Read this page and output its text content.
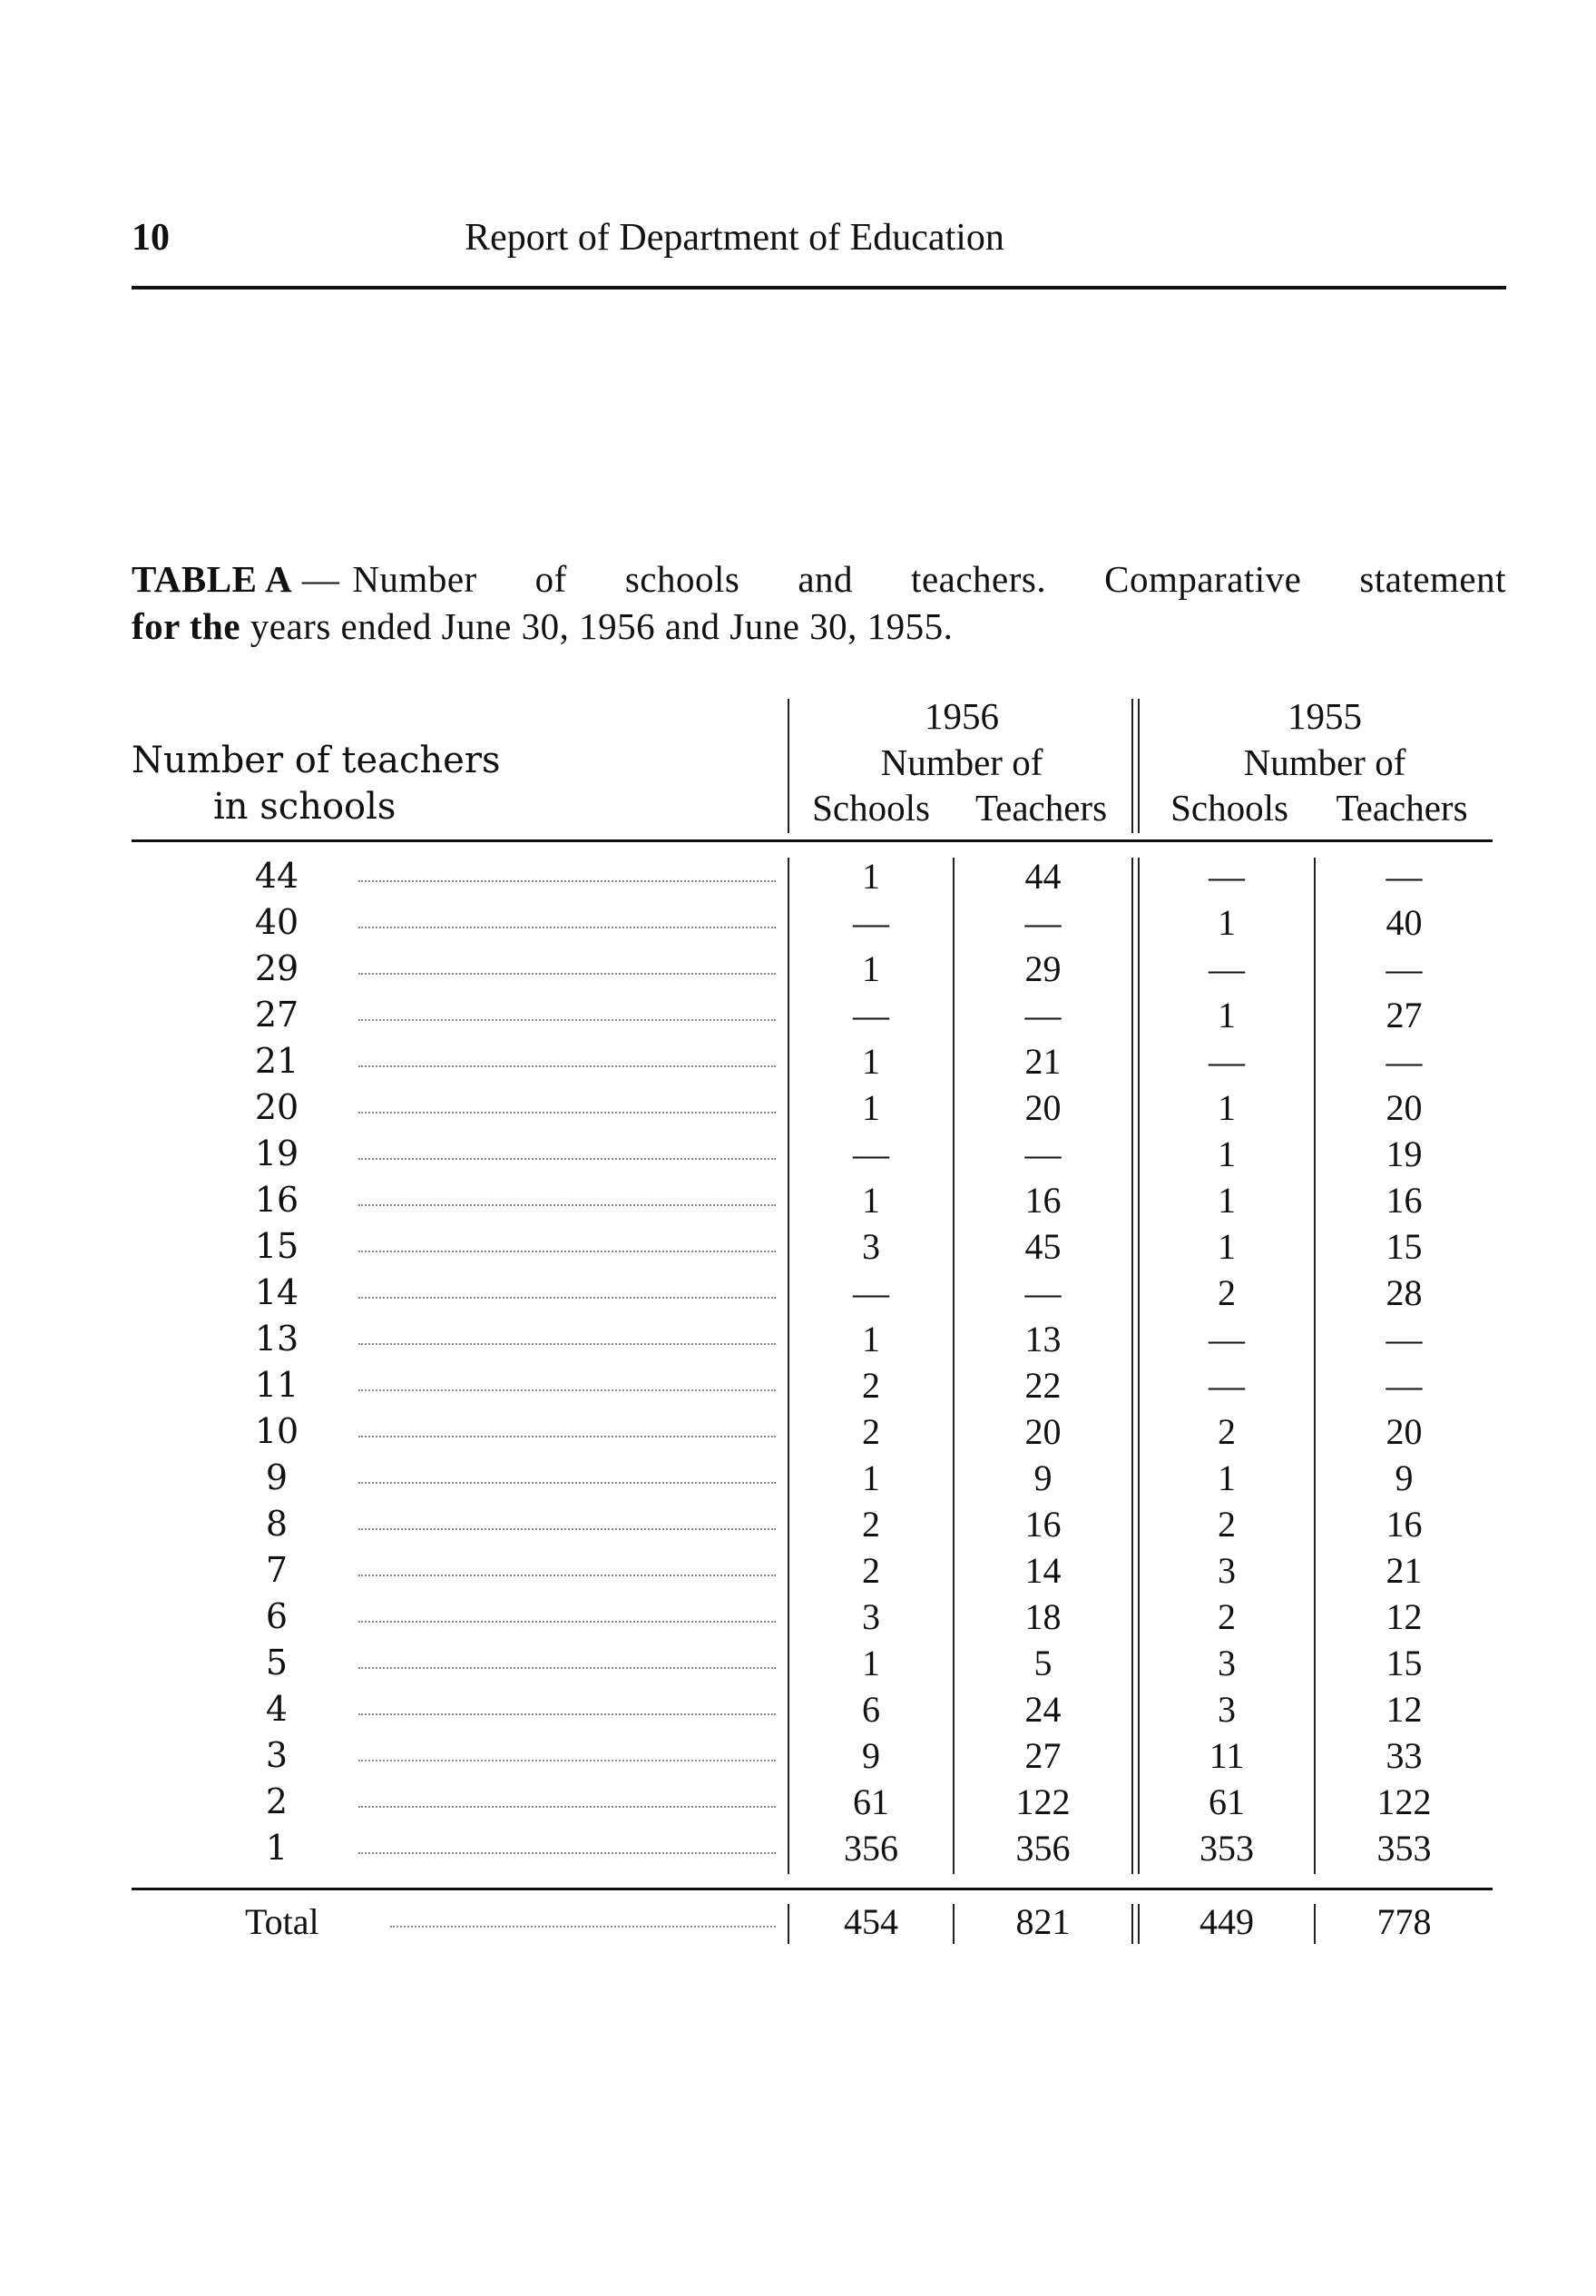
10	Report of Department of Education
TABLE A — Number of schools and teachers. Comparative statement
for the years ended June 30, 1956 and June 30, 1955.
Number of teachers
in schools
1956	1955
Number of	Number of
Schools	Teachers	Schools	Teachers
44	1	44	—	—
40	—	—	1	40
29	1	29	—	—
27	—	—	1	27
21	1	21	—	—
20	1	20	1	20
19	—	—	1	19
16	1	16	1	16
15	3	45	1	15
14	—	—	2	28
13	1	13	—	—
11	2	22	—	—
10	2	20	2	20
9	1	9	1	9
8	2	16	2	16
7	2	14	3	21
6	3	18	2	12
5	1	5	3	15
4	6	24	3	12
3	9	27	11	33
2	61	122	61	122
1	356	356	353	353
Total	454	821	449	778
